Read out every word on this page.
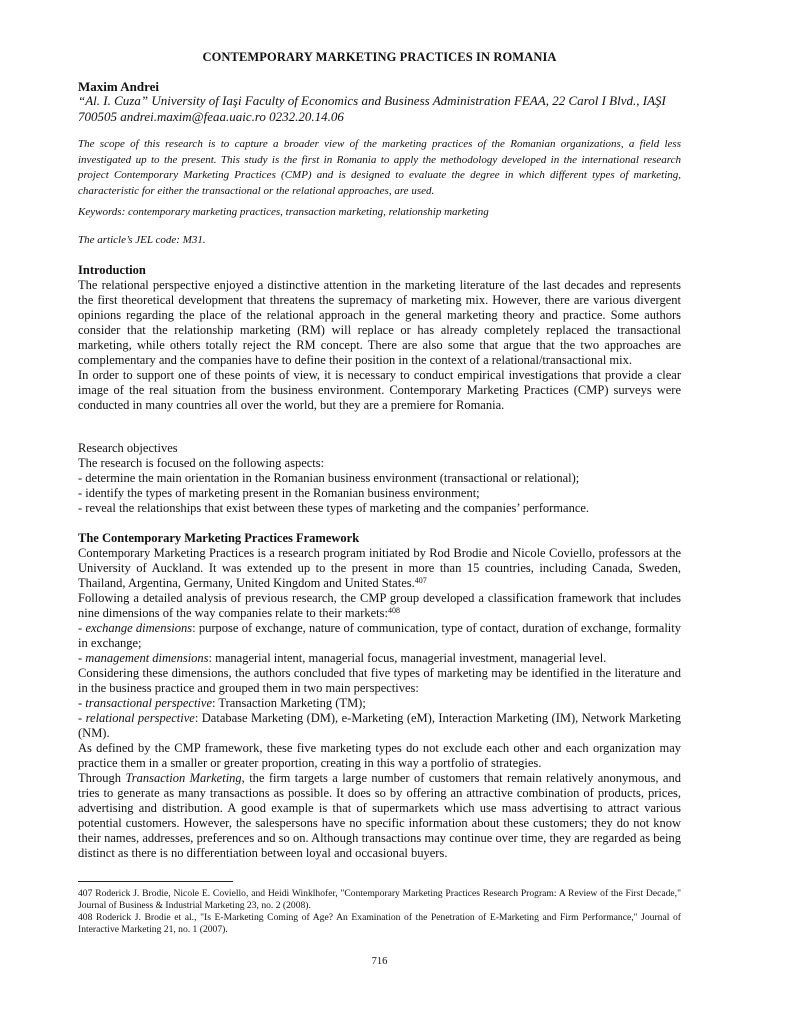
CONTEMPORARY MARKETING PRACTICES IN ROMANIA
Maxim Andrei
“Al. I. Cuza” University of Iaşi Faculty of Economics and Business Administration FEAA, 22 Carol I Blvd., IAŞI 700505 andrei.maxim@feaa.uaic.ro 0232.20.14.06
The scope of this research is to capture a broader view of the marketing practices of the Romanian organizations, a field less investigated up to the present. This study is the first in Romania to apply the methodology developed in the international research project Contemporary Marketing Practices (CMP) and is designed to evaluate the degree in which different types of marketing, characteristic for either the transactional or the relational approaches, are used.
Keywords: contemporary marketing practices, transaction marketing, relationship marketing
The article’s JEL code: M31.

Introduction

The relational perspective enjoyed a distinctive attention in the marketing literature of the last decades and represents the first theoretical development that threatens the supremacy of marketing mix. However, there are various divergent opinions regarding the place of the relational approach in the general marketing theory and practice. Some authors consider that the relationship marketing (RM) will replace or has already completely replaced the transactional marketing, while others totally reject the RM concept. There are also some that argue that the two approaches are complementary and the companies have to define their position in the context of a relational/transactional mix.

In order to support one of these points of view, it is necessary to conduct empirical investigations that provide a clear image of the real situation from the business environment. Contemporary Marketing Practices (CMP) surveys were conducted in many countries all over the world, but they are a premiere for Romania.

Research objectives

The research is focused on the following aspects:

- determine the main orientation in the Romanian business environment (transactional or relational);

- identify the types of marketing present in the Romanian business environment;

- reveal the relationships that exist between these types of marketing and the companies’ performance.

The Contemporary Marketing Practices Framework

Contemporary Marketing Practices is a research program initiated by Rod Brodie and Nicole Coviello, professors at the University of Auckland. It was extended up to the present in more than 15 countries, including Canada, Sweden, Thailand, Argentina, Germany, United Kingdom and United States.$^{407}$

Following a detailed analysis of previous research, the CMP group developed a classification framework that includes nine dimensions of the way companies relate to their markets:$^{408}$

- exchange dimensions: purpose of exchange, nature of communication, type of contact, duration of exchange, formality in exchange;

- management dimensions: managerial intent, managerial focus, managerial investment, managerial level.

Considering these dimensions, the authors concluded that five types of marketing may be identified in the literature and in the business practice and grouped them in two main perspectives:

- transactional perspective: Transaction Marketing (TM);

- relational perspective: Database Marketing (DM), e-Marketing (eM), Interaction Marketing (IM), Network Marketing (NM).

As defined by the CMP framework, these five marketing types do not exclude each other and each organization may practice them in a smaller or greater proportion, creating in this way a portfolio of strategies.

Through Transaction Marketing, the firm targets a large number of customers that remain relatively anonymous, and tries to generate as many transactions as possible. It does so by offering an attractive combination of products, prices, advertising and distribution. A good example is that of supermarkets which use mass advertising to attract various potential customers. However, the salespersons have no specific information about these customers; they do not know their names, addresses, preferences and so on. Although transactions may continue over time, they are regarded as being distinct as there is no differentiation between loyal and occasional buyers.

407 Roderick J. Brodie, Nicole E. Coviello, and Heidi Winklhofer, "Contemporary Marketing Practices Research Program: A Review of the First Decade," Journal of Business & Industrial Marketing 23, no. 2 (2008).

408 Roderick J. Brodie et al., "Is E-Marketing Coming of Age? An Examination of the Penetration of E-Marketing and Firm Performance," Journal of Interactive Marketing 21, no. 1 (2007).

716
